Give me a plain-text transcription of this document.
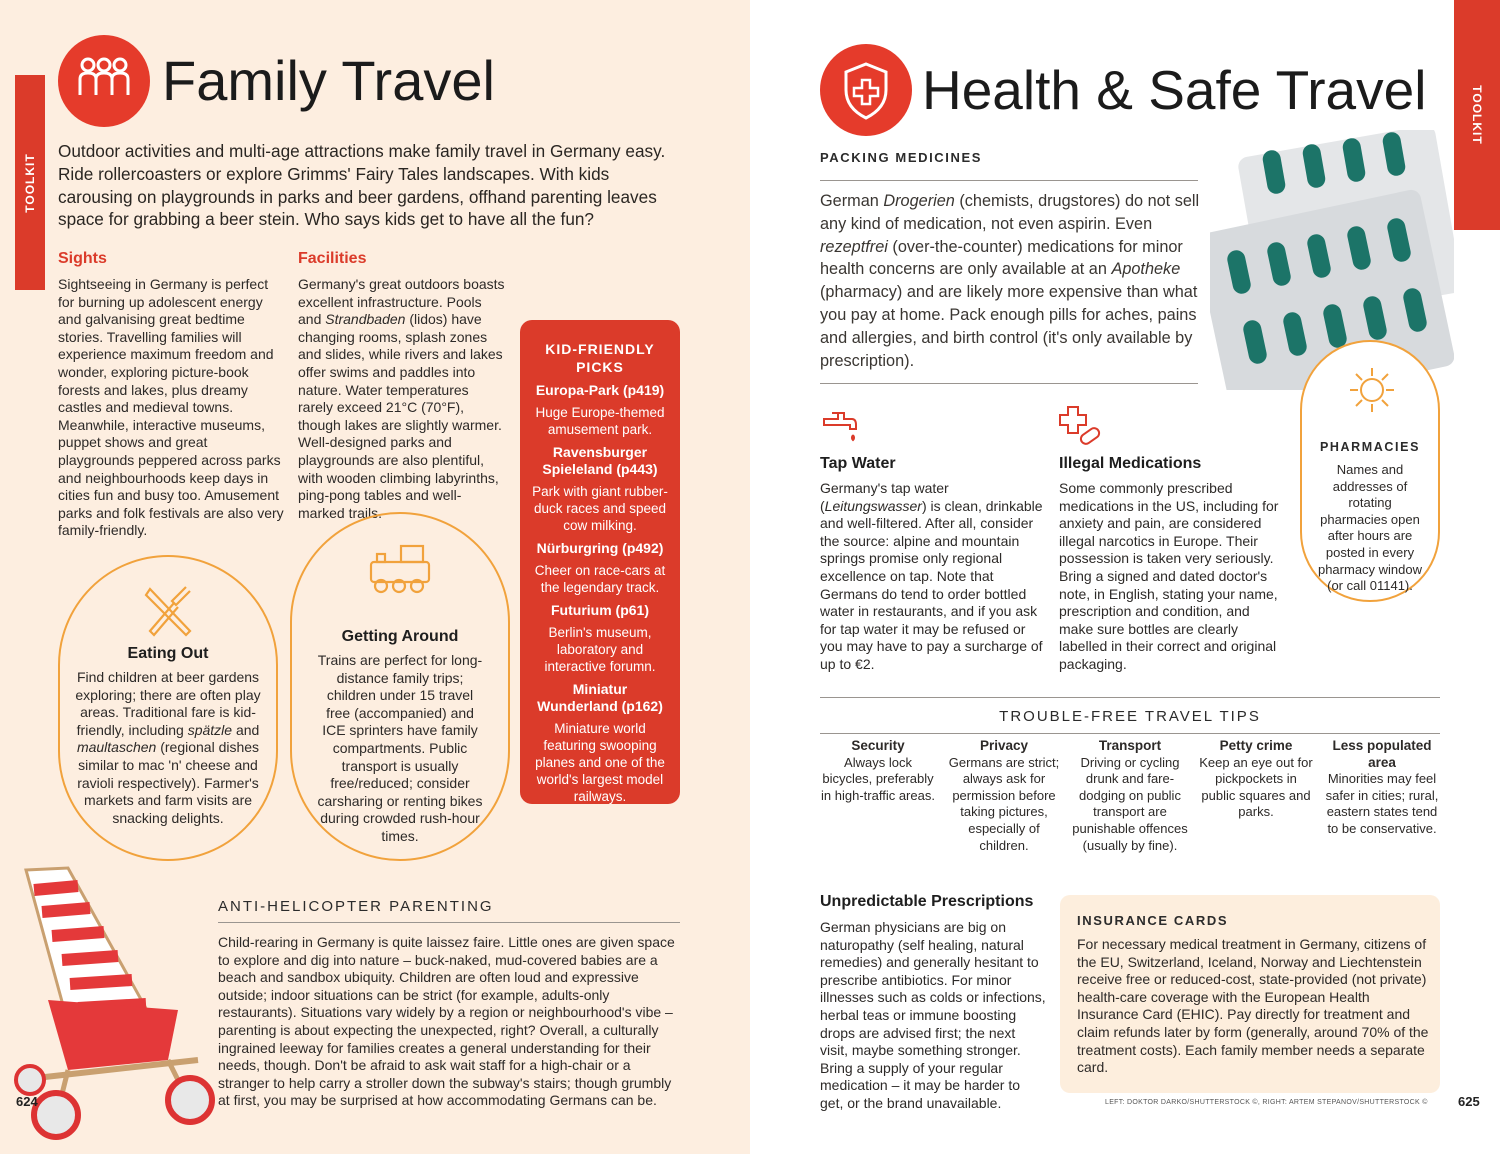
TOOLKIT
Family Travel
Outdoor activities and multi-age attractions make family travel in Germany easy. Ride rollercoasters or explore Grimms' Fairy Tales landscapes. With kids carousing on playgrounds in parks and beer gardens, offhand parenting leaves space for grabbing a beer stein. Who says kids get to have all the fun?
Sights
Sightseeing in Germany is perfect for burning up adolescent energy and galvanising great bedtime stories. Travelling families will experience maximum freedom and wonder, exploring picture-book forests and lakes, plus dreamy castles and medieval towns. Meanwhile, interactive museums, puppet shows and great playgrounds peppered across parks and neighbourhoods keep days in cities fun and busy too. Amusement parks and folk festivals are also very family-friendly.
Facilities
Germany's great outdoors boasts excellent infrastructure. Pools and Strandbaden (lidos) have changing rooms, splash zones and slides, while rivers and lakes offer swims and paddles into nature. Water temperatures rarely exceed 21°C (70°F), though lakes are slightly warmer. Well-designed parks and playgrounds are also plentiful, with wooden climbing labyrinths, ping-pong tables and well-marked trails.
KID-FRIENDLY PICKS
Europa-Park (p419)
Huge Europe-themed amusement park.
Ravensburger Spieleland (p443)
Park with giant rubber-duck races and speed cow milking.
Nürburgring (p492)
Cheer on race-cars at the legendary track.
Futurium (p61)
Berlin's museum, laboratory and interactive forumn.
Miniatur Wunderland (p162)
Miniature world featuring swooping planes and one of the world's largest model railways.
Eating Out
Find children at beer gardens exploring; there are often play areas. Traditional fare is kid-friendly, including spätzle and maultaschen (regional dishes similar to mac 'n' cheese and ravioli respectively). Farmer's markets and farm visits are snacking delights.
Getting Around
Trains are perfect for long-distance family trips; children under 15 travel free (accompanied) and ICE sprinters have family compartments. Public transport is usually free/reduced; consider carsharing or renting bikes during crowded rush-hour times.
ANTI-HELICOPTER PARENTING
Child-rearing in Germany is quite laissez faire. Little ones are given space to explore and dig into nature – buck-naked, mud-covered babies are a beach and sandbox ubiquity. Children are often loud and expressive outside; indoor situations can be strict (for example, adults-only restaurants). Situations vary widely by a region or neighbourhood's vibe – parenting is about expecting the unexpected, right? Overall, a culturally ingrained leeway for families creates a general understanding for their needs, though. Don't be afraid to ask wait staff for a high-chair or a stranger to help carry a stroller down the subway's stairs; though grumbly at first, you may be surprised at how accommodating Germans can be.
624
TOOLKIT
Health & Safe Travel
PACKING MEDICINES
German Drogerien (chemists, drugstores) do not sell any kind of medication, not even aspirin. Even rezeptfrei (over-the-counter) medications for minor health concerns are only available at an Apotheke (pharmacy) and are likely more expensive than what you pay at home. Pack enough pills for aches, pains and allergies, and birth control (it's only available by prescription).
PHARMACIES
Names and addresses of rotating pharmacies open after hours are posted in every pharmacy window (or call 01141).
Tap Water
Germany's tap water (Leitungswasser) is clean, drinkable and well-filtered. After all, consider the source: alpine and mountain springs promise only regional excellence on tap. Note that Germans do tend to order bottled water in restaurants, and if you ask for tap water it may be refused or you may have to pay a surcharge of up to €2.
Illegal Medications
Some commonly prescribed medications in the US, including for anxiety and pain, are considered illegal narcotics in Europe. Their possession is taken very seriously. Bring a signed and dated doctor's note, in English, stating your name, prescription and condition, and make sure bottles are clearly labelled in their correct and original packaging.
TROUBLE-FREE TRAVEL TIPS
Security
Always lock bicycles, preferably in high-traffic areas.
Privacy
Germans are strict; always ask for permission before taking pictures, especially of children.
Transport
Driving or cycling drunk and fare-dodging on public transport are punishable offences (usually by fine).
Petty crime
Keep an eye out for pickpockets in public squares and parks.
Less populated area
Minorities may feel safer in cities; rural, eastern states tend to be conservative.
Unpredictable Prescriptions
German physicians are big on naturopathy (self healing, natural remedies) and generally hesitant to prescribe antibiotics. For minor illnesses such as colds or infections, herbal teas or immune boosting drops are advised first; the next visit, maybe something stronger. Bring a supply of your regular medication – it may be harder to get, or the brand unavailable.
INSURANCE CARDS
For necessary medical treatment in Germany, citizens of the EU, Switzerland, Iceland, Norway and Liechtenstein receive free or reduced-cost, state-provided (not private) health-care coverage with the European Health Insurance Card (EHIC). Pay directly for treatment and claim refunds later by form (generally, around 70% of the treatment costs). Each family member needs a separate card.
LEFT: DOKTOR DARKO/SHUTTERSTOCK ©, RIGHT: ARTEM STEPANOV/SHUTTERSTOCK © 625
